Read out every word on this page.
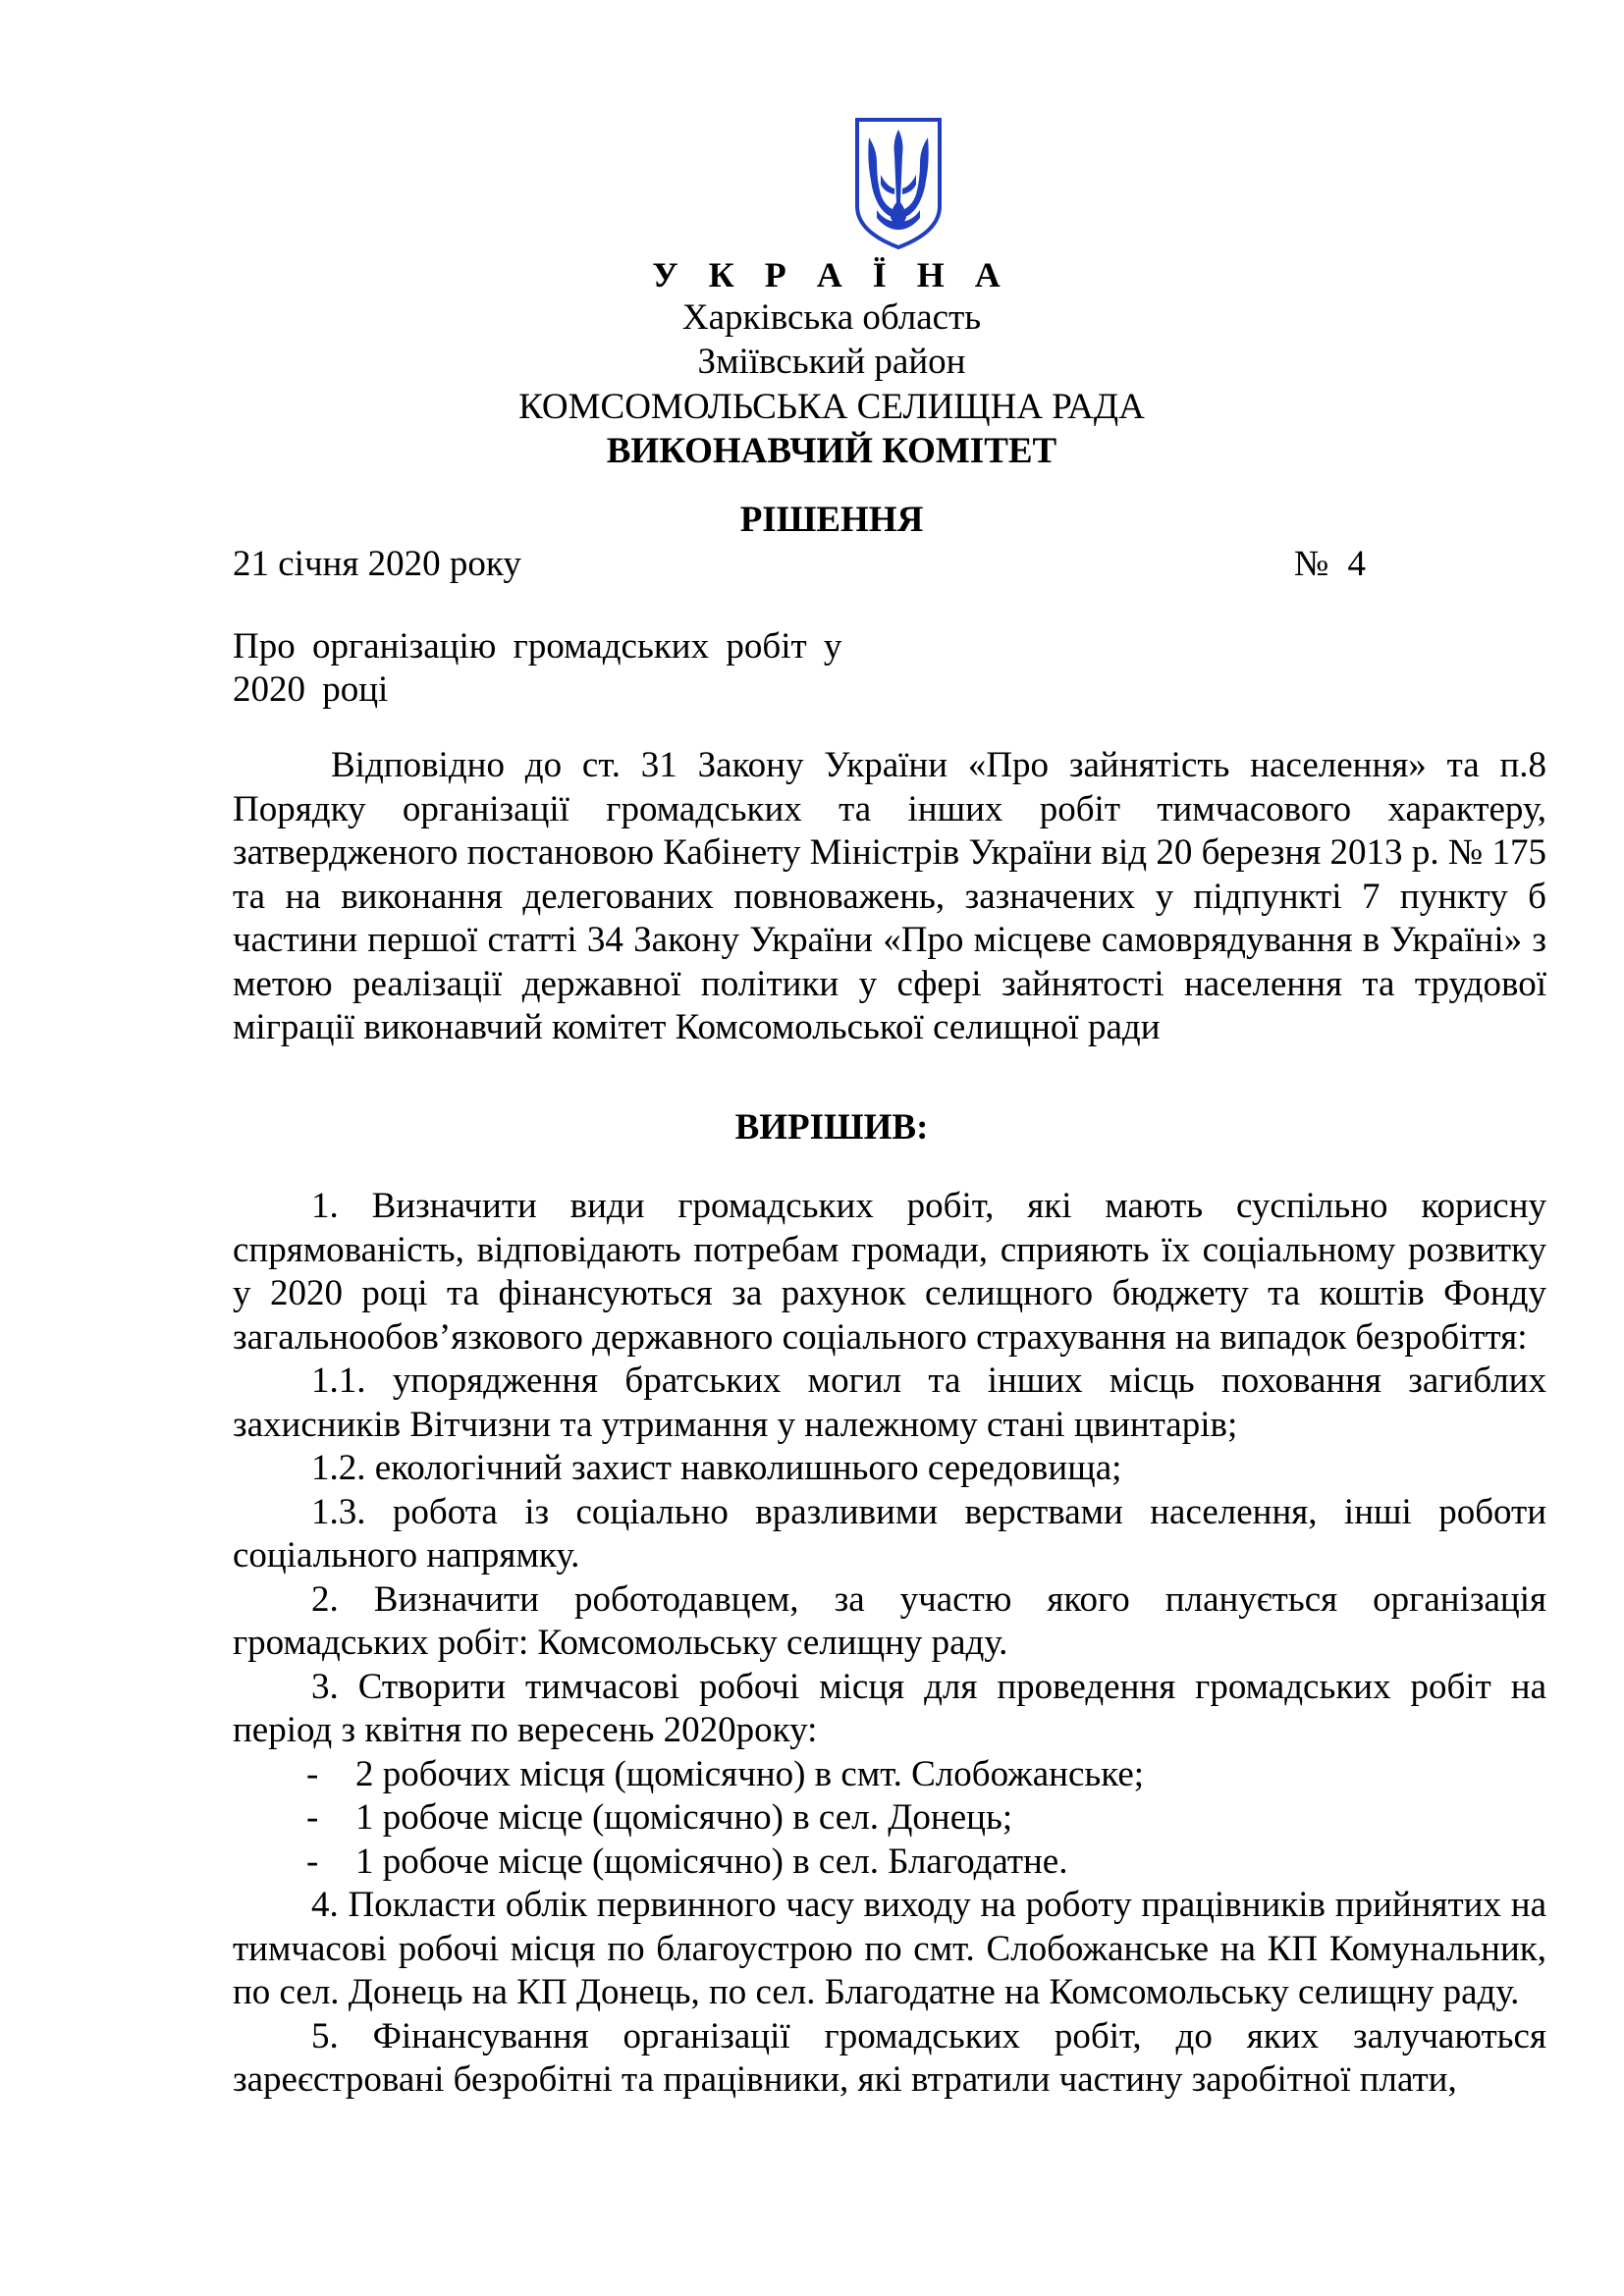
У К Р А Ї Н А
Харківська область
Зміївський район
КОМСОМОЛЬСЬКА СЕЛИЩНА РАДА
ВИКОНАВЧИЙ КОМІТЕТ
РІШЕННЯ
21 січня 2020 року	№ 4
Про організацію громадських робіт у
2020 році
Відповідно до ст. 31 Закону України «Про зайнятість населення» та п.8 Порядку організації громадських та інших робіт тимчасового характеру, затвердженого постановою Кабінету Міністрів України від 20 березня 2013 р. № 175 та на виконання делегованих повноважень, зазначених у підпункті 7 пункту б частини першої статті 34 Закону України «Про місцеве самоврядування в Україні» з метою реалізації державної політики у сфері зайнятості населення та трудової міграції виконавчий комітет Комсомольської селищної ради
ВИРІШИВ:

1. Визначити види громадських робіт, які мають суспільно корисну спрямованість, відповідають потребам громади, сприяють їх соціальному розвитку у 2020 році та фінансуються за рахунок селищного бюджету та коштів Фонду загальнообов’язкового державного соціального страхування на випадок безробіття:

1.1. упорядження братських могил та інших місць поховання загиблих захисників Вітчизни та утримання у належному стані цвинтарів;

1.2. екологічний захист навколишнього середовища;

1.3. робота із соціально вразливими верствами населення, інші роботи соціального напрямку.

2. Визначити роботодавцем, за участю якого планується організація громадських робіт: Комсомольську селищну раду.

3. Створити тимчасові робочі місця для проведення громадських робіт на період з квітня по вересень 2020року:

- 2 робочих місця (щомісячно) в смт. Слобожанське;

- 1 робоче місце (щомісячно) в сел. Донець;

- 1 робоче місце (щомісячно) в сел. Благодатне.

4. Покласти облік первинного часу виходу на роботу працівників прийнятих на тимчасові робочі місця по благоустрою по смт. Слобожанське на КП Комунальник, по сел. Донець на КП Донець, по сел. Благодатне на Комсомольську селищну раду.

5. Фінансування організації громадських робіт, до яких залучаються зареєстровані безробітні та працівники, які втратили частину заробітної плати,
